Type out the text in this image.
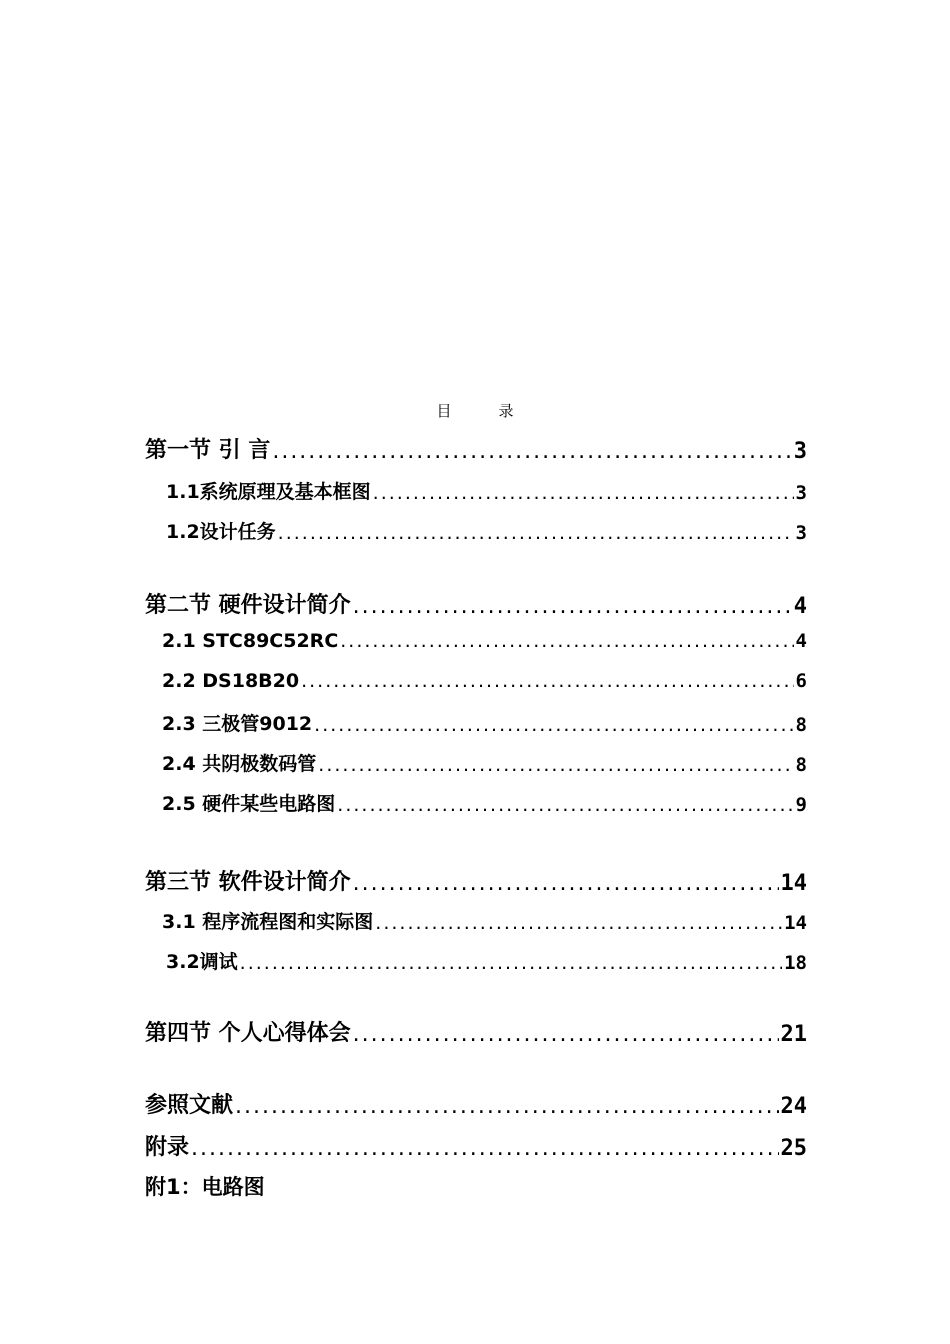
目　录
第一节 引 言 .....	3
1.1系统原理及基本框图 .....	3
1.2设计任务 .....	3
第二节 硬件设计简介 .....	4
2.1 STC89C52RC .....	4
2.2 DS18B20 .....	6
2.3 三极管9012 .....	8
2.4 共阴极数码管 .....	8
2.5 硬件某些电路图 .....	9
第三节 软件设计简介 .....	14
3.1 程序流程图和实际图 .....	14
3.2调试 .....	18
第四节 个人心得体会 .....	21
参照文献 .....	24
附录 .....	25
附1：电路图
